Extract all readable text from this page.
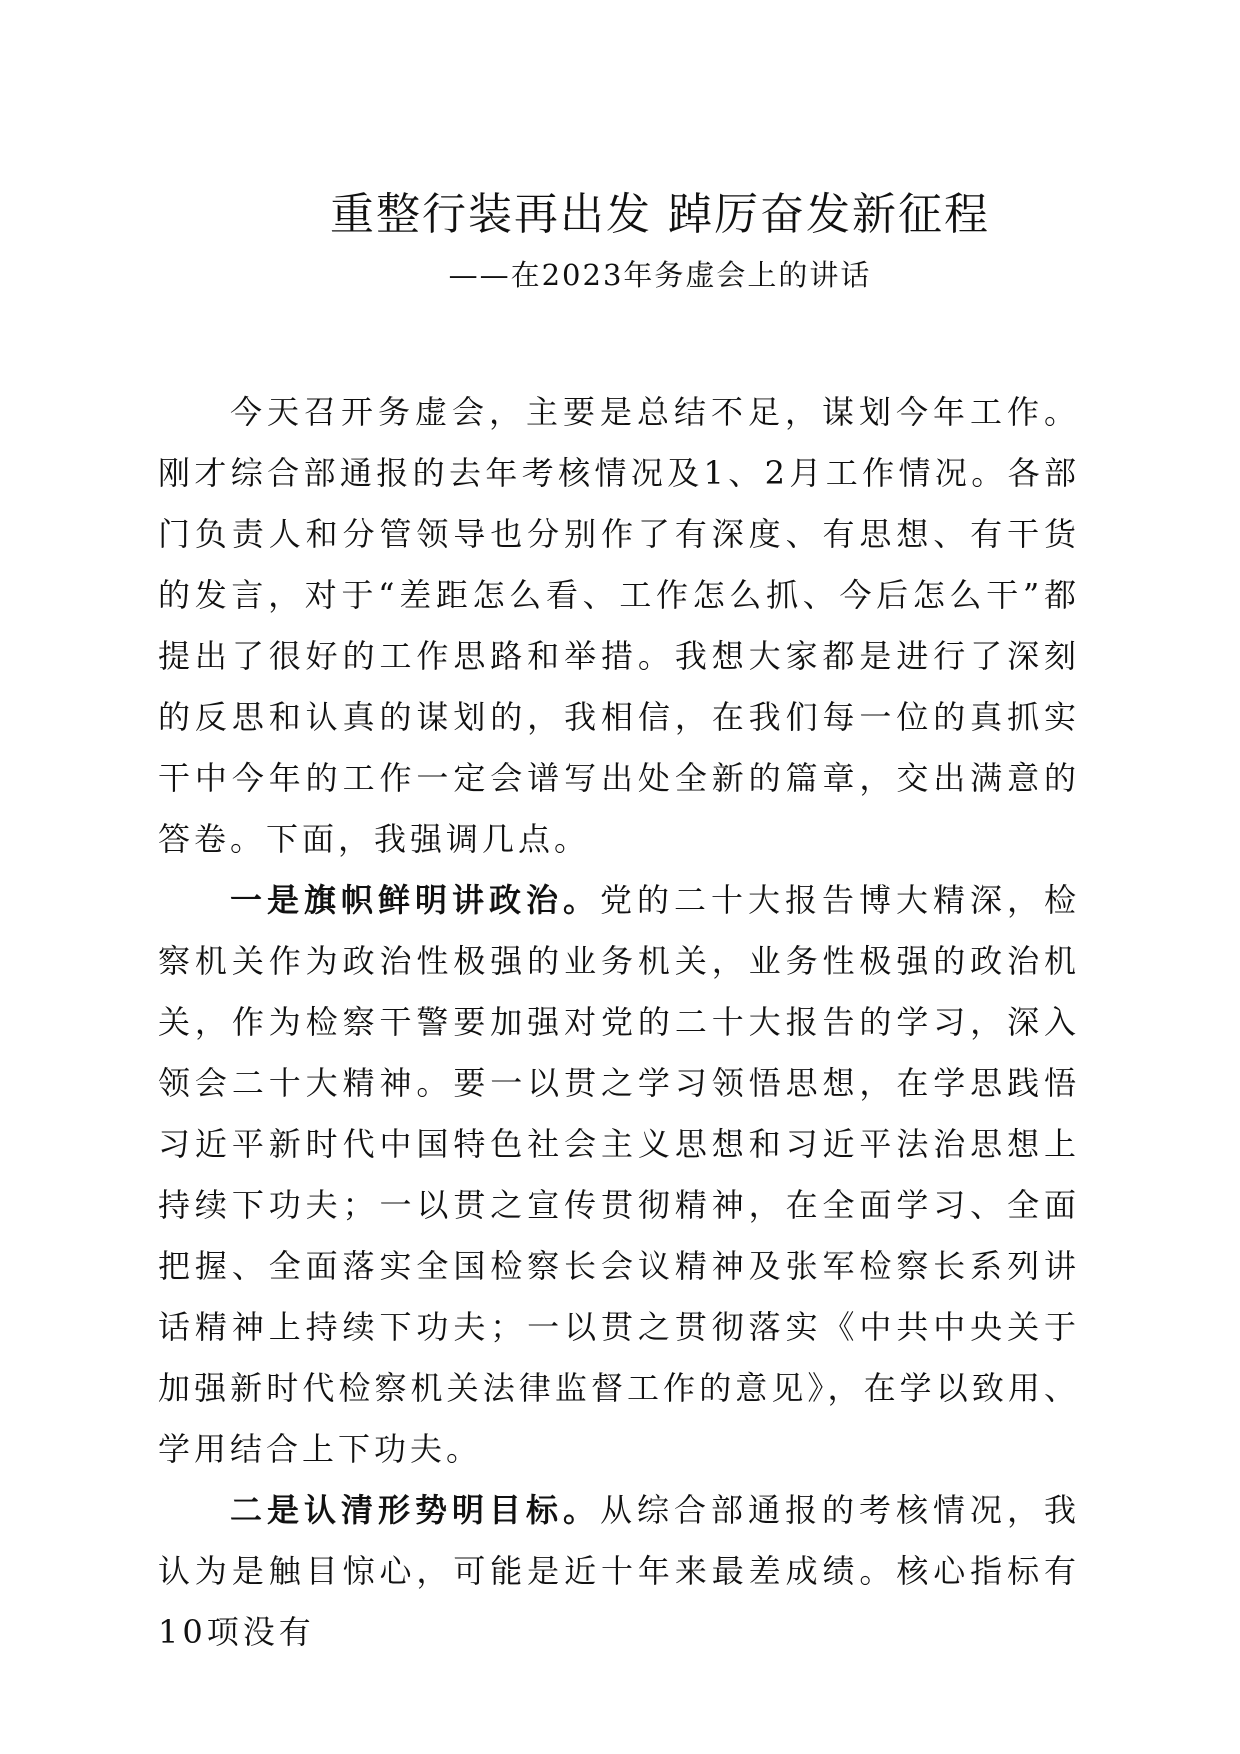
重整行装再出发 踔厉奋发新征程
——在2023年务虚会上的讲话

今天召开务虚会，主要是总结不足，谋划今年工作。刚才综合部通报的去年考核情况及1、2月工作情况。各部门负责人和分管领导也分别作了有深度、有思想、有干货的发言，对于“差距怎么看、工作怎么抓、今后怎么干”都提出了很好的工作思路和举措。我想大家都是进行了深刻的反思和认真的谋划的，我相信，在我们每一位的真抓实干中今年的工作一定会谱写出处全新的篇章，交出满意的答卷。下面，我强调几点。

一是旗帜鲜明讲政治。党的二十大报告博大精深，检察机关作为政治性极强的业务机关，业务性极强的政治机关，作为检察干警要加强对党的二十大报告的学习，深入领会二十大精神。要一以贯之学习领悟思想，在学思践悟习近平新时代中国特色社会主义思想和习近平法治思想上持续下功夫；一以贯之宣传贯彻精神，在全面学习、全面把握、全面落实全国检察长会议精神及张军检察长系列讲话精神上持续下功夫；一以贯之贯彻落实《中共中央关于加强新时代检察机关法律监督工作的意见》，在学以致用、学用结合上下功夫。

二是认清形势明目标。从综合部通报的考核情况，我认为是触目惊心，可能是近十年来最差成绩。核心指标有10项没有
